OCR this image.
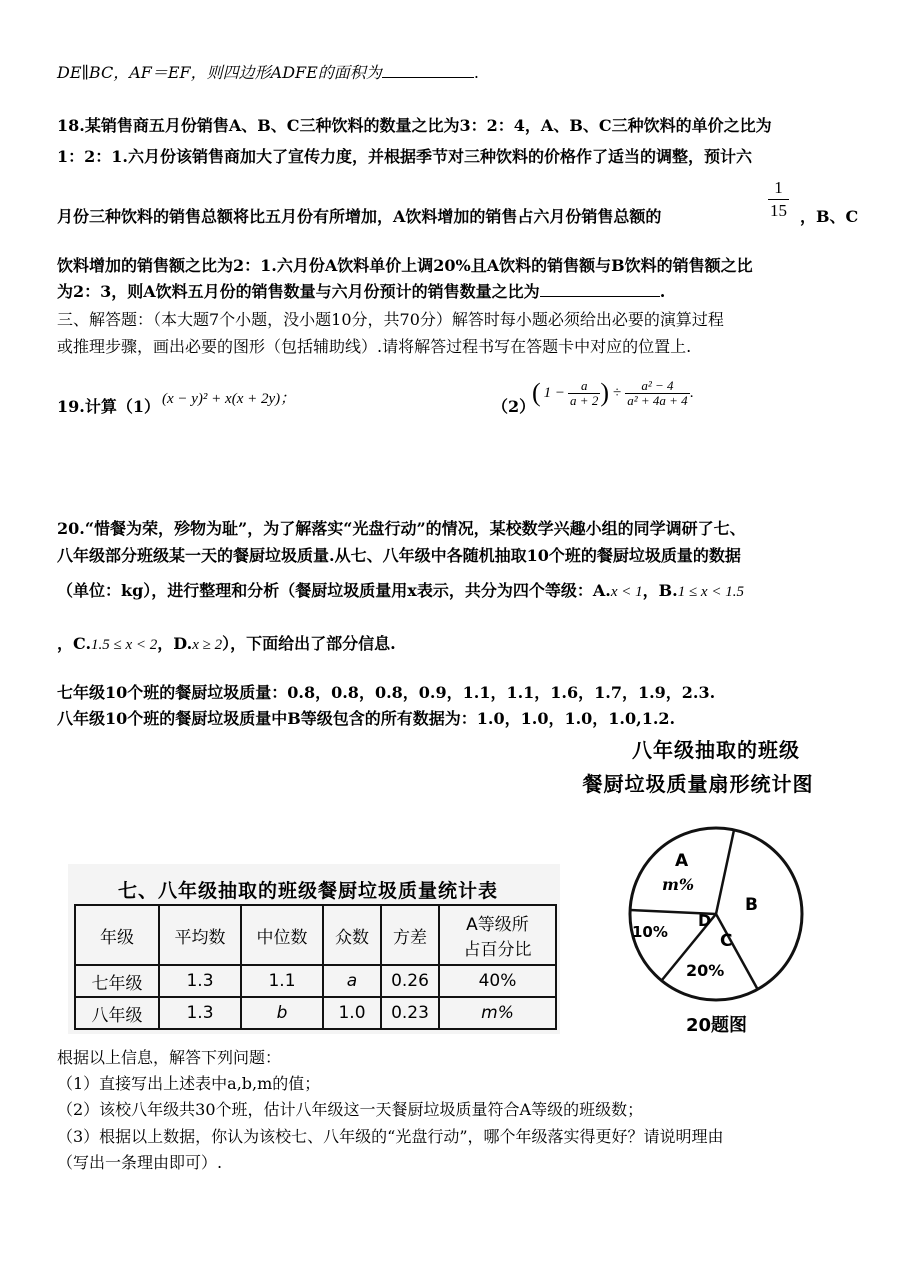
DE∥BC，AF＝EF，则四边形ADFE的面积为	.
18.某销售商五月份销售A、B、C三种饮料的数量之比为3：2：4，A、B、C三种饮料的单价之比为
1：2：1.六月份该销售商加大了宣传力度，并根据季节对三种饮料的价格作了适当的调整，预计六
月份三种饮料的销售总额将比五月份有所增加，A饮料增加的销售占六月份销售总额的	$\frac{1}{15}$ ，B、C
饮料增加的销售额之比为2：1.六月份A饮料单价上调20%且A饮料的销售额与B饮料的销售额之比
为2：3，则A饮料五月份的销售数量与六月份预计的销售数量之比为	.
三、解答题：（本大题7个小题，没小题10分，共70分）解答时每小题必须给出必要的演算过程
或推理步骤，画出必要的图形（包括辅助线）.请将解答过程书写在答题卡中对应的位置上.
19.计算（1） (x − y)² + x(x + 2y)；	（2）
( $1 - \frac{a}{a + 2}$ ) ÷ $\frac{\text{a² − 4}}{\text{a² + 4a + 4}}$ .
20.“惜餐为荣，殄物为耻”，为了解落实“光盘行动”的情况，某校数学兴趣小组的同学调研了七、
八年级部分班级某一天的餐厨垃圾质量.从七、八年级中各随机抽取10个班的餐厨垃圾质量的数据
（单位：kg），进行整理和分析（餐厨垃圾质量用x表示，共分为四个等级：A.x < 1，B.1 ≤ x < 1.5
，C.1.5 ≤ x < 2，D.x ≥ 2），下面给出了部分信息.
七年级10个班的餐厨垃圾质量：0.8，0.8，0.8，0.9，1.1，1.1，1.6，1.7，1.9，2.3.
八年级10个班的餐厨垃圾质量中B等级包含的所有数据为：1.0，1.0，1.0，1.0,1.2.
七、八年级抽取的班级餐厨垃圾质量统计表
年级	平均数	中位数	众数	方差	A等级所
占百分比

七年级	1.3	1.1	a	0.26	40%
八年级	1.3	b	1.0	0.23	m%
八年级抽取的班级
餐厨垃圾质量扇形统计图
A
m%
B
D
10%	C
20%
20题图
根据以上信息，解答下列问题：
（1）直接写出上述表中a,b,m的值；
（2）该校八年级共30个班，估计八年级这一天餐厨垃圾质量符合A等级的班级数；
（3）根据以上数据，你认为该校七、八年级的“光盘行动”，哪个年级落实得更好？请说明理由
（写出一条理由即可）.
